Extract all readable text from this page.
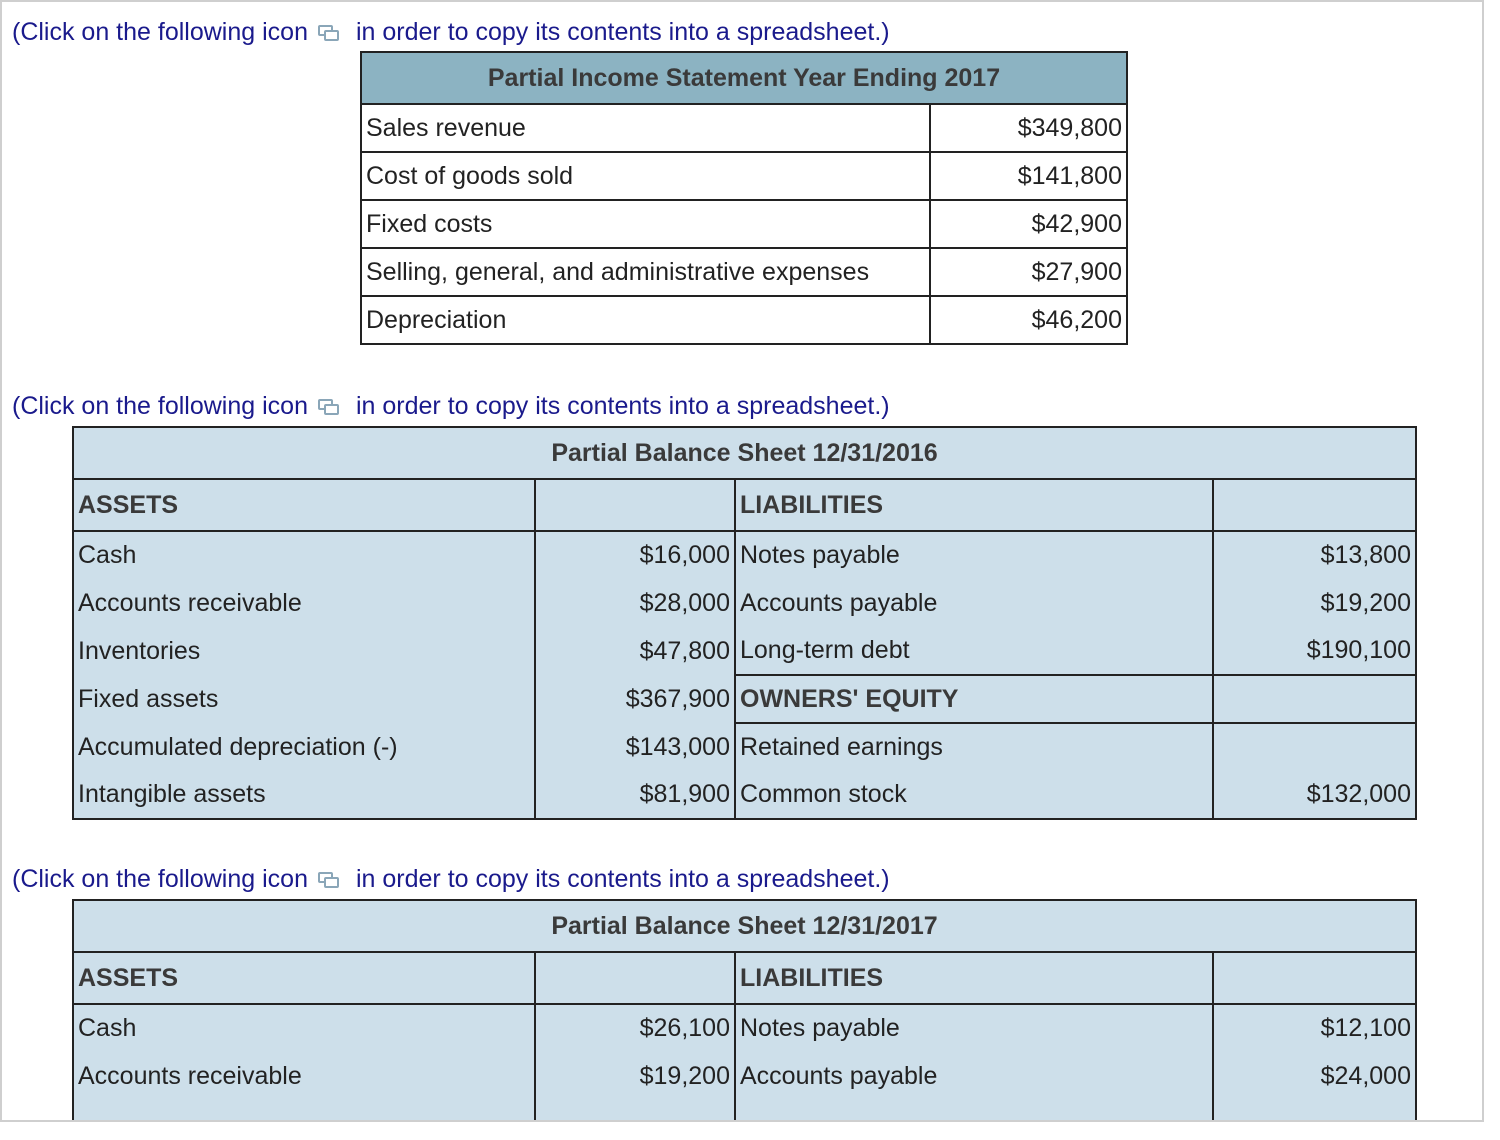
(Click on the following icon in order to copy its contents into a spreadsheet.)
Partial Income Statement Year Ending 2017	
Sales revenue	$349,800
Cost of goods sold	$141,800
Fixed costs	$42,900
Selling, general, and administrative expenses	$27,900
Depreciation	$46,200
(Click on the following icon in order to copy its contents into a spreadsheet.)
Partial Balance Sheet 12/31/2016			
ASSETS		LIABILITIES	
Cash	$16,000	Notes payable	$13,800
Accounts receivable	$28,000	Accounts payable	$19,200
Inventories	$47,800	Long-term debt	$190,100
Fixed assets	$367,900	OWNERS' EQUITY	
Accumulated depreciation (-)	$143,000	Retained earnings	
Intangible assets	$81,900	Common stock	$132,000
(Click on the following icon in order to copy its contents into a spreadsheet.)
Partial Balance Sheet 12/31/2017			
ASSETS		LIABILITIES	
Cash	$26,100	Notes payable	$12,100
Accounts receivable	$19,200	Accounts payable	$24,000
